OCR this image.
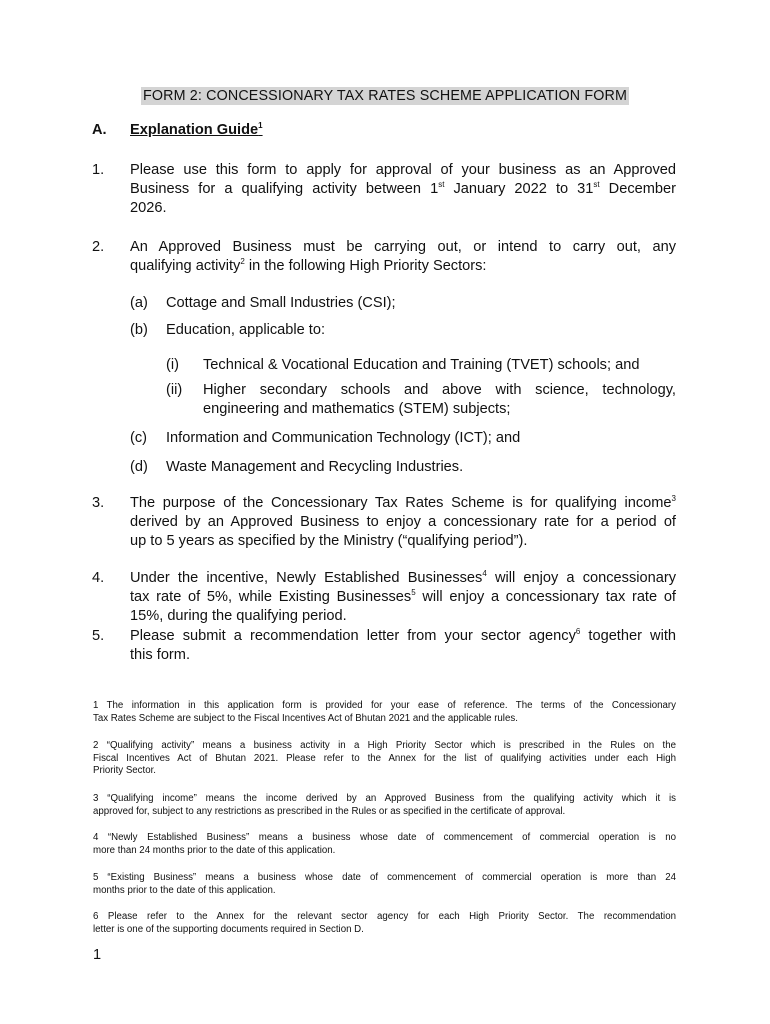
FORM 2: CONCESSIONARY TAX RATES SCHEME APPLICATION FORM
A. Explanation Guide$^1$
1. Please use this form to apply for approval of your business as an Approved
Business for a qualifying activity between 1st January 2022 to 31st December
2026.
2. An Approved Business must be carrying out, or intend to carry out, any
qualifying activity$^2$ in the following High Priority Sectors:
(a) Cottage and Small Industries (CSI);
(b) Education, applicable to:
(i) Technical & Vocational Education and Training (TVET) schools; and
(ii) Higher secondary schools and above with science, technology,
engineering and mathematics (STEM) subjects;
(c) Information and Communication Technology (ICT); and
(d) Waste Management and Recycling Industries.
3. The purpose of the Concessionary Tax Rates Scheme is for qualifying income$^3$
derived by an Approved Business to enjoy a concessionary rate for a period of
up to 5 years as specified by the Ministry (“qualifying period”).
4. Under the incentive, Newly Established Businesses$^4$ will enjoy a concessionary
tax rate of 5%, while Existing Businesses$^5$ will enjoy a concessionary tax rate of
15%, during the qualifying period.
5. Please submit a recommendation letter from your sector agency$^6$ together with
this form.
1 The information in this application form is provided for your ease of reference. The terms of the Concessionary
Tax Rates Scheme are subject to the Fiscal Incentives Act of Bhutan 2021 and the applicable rules.
2 “Qualifying activity” means a business activity in a High Priority Sector which is prescribed in the Rules on the
Fiscal Incentives Act of Bhutan 2021. Please refer to the Annex for the list of qualifying activities under each High
Priority Sector.
3 “Qualifying income” means the income derived by an Approved Business from the qualifying activity which it is
approved for, subject to any restrictions as prescribed in the Rules or as specified in the certificate of approval.
4 “Newly Established Business” means a business whose date of commencement of commercial operation is no
more than 24 months prior to the date of this application.
5 “Existing Business” means a business whose date of commencement of commercial operation is more than 24
months prior to the date of this application.
6 Please refer to the Annex for the relevant sector agency for each High Priority Sector. The recommendation
letter is one of the supporting documents required in Section D.
1
